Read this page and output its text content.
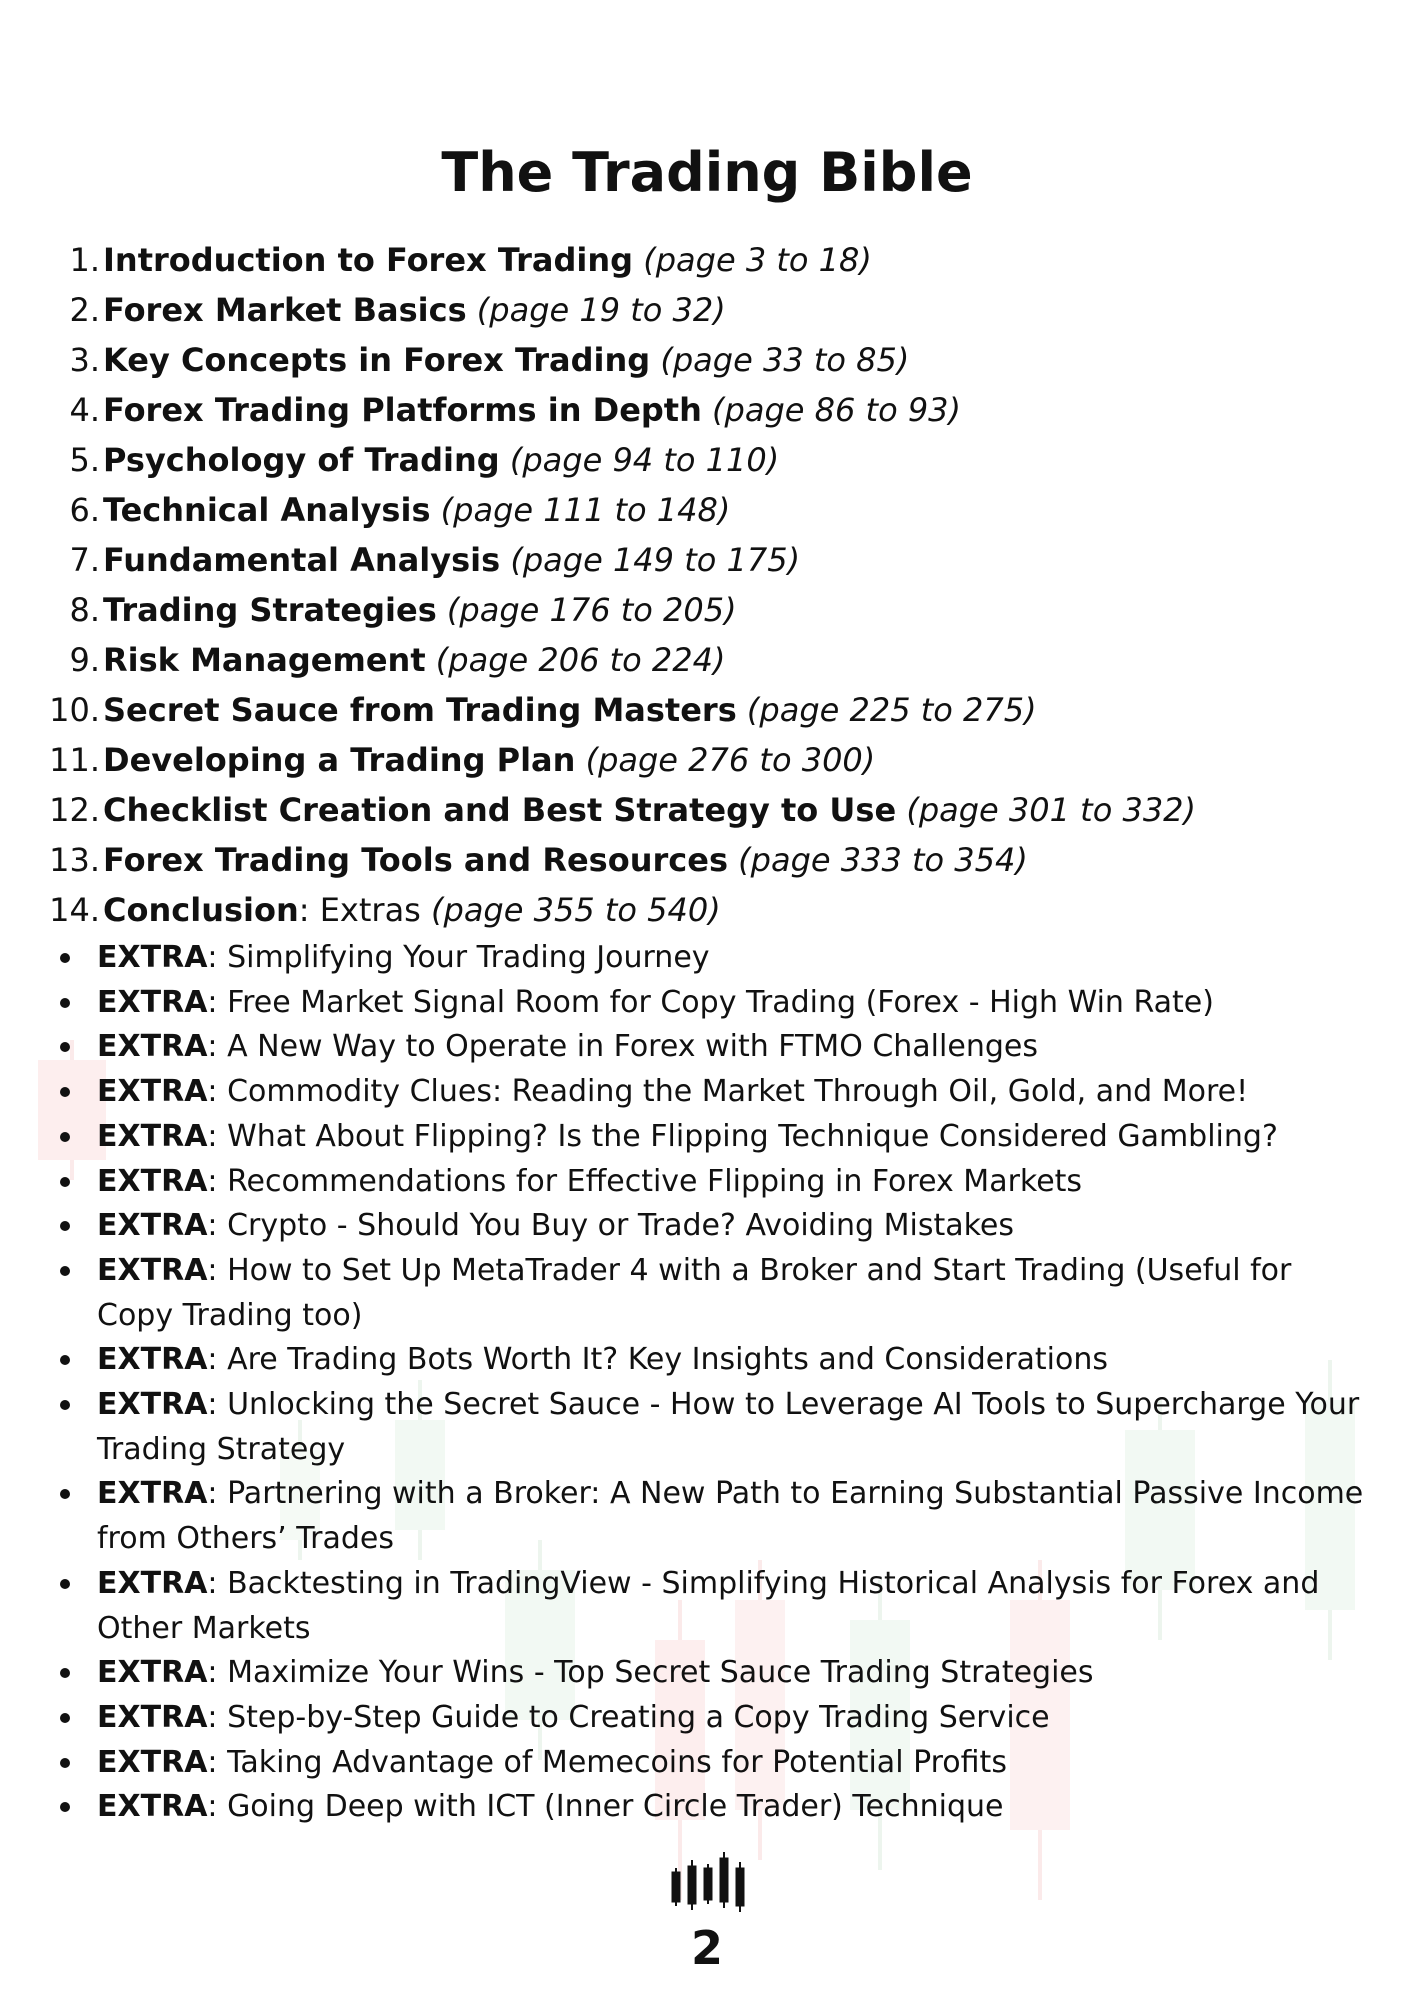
The Trading Bible
1. Introduction to Forex Trading (page 3 to 18)
2. Forex Market Basics (page 19 to 32)
3. Key Concepts in Forex Trading (page 33 to 85)
4. Forex Trading Platforms in Depth (page 86 to 93)
5. Psychology of Trading (page 94 to 110)
6. Technical Analysis (page 111 to 148)
7. Fundamental Analysis (page 149 to 175)
8. Trading Strategies (page 176 to 205)
9. Risk Management (page 206 to 224)
10. Secret Sauce from Trading Masters (page 225 to 275)
11. Developing a Trading Plan (page 276 to 300)
12. Checklist Creation and Best Strategy to Use (page 301 to 332)
13. Forex Trading Tools and Resources (page 333 to 354)
14. Conclusion: Extras (page 355 to 540)
EXTRA: Simplifying Your Trading Journey
EXTRA: Free Market Signal Room for Copy Trading (Forex - High Win Rate)
EXTRA: A New Way to Operate in Forex with FTMO Challenges
EXTRA: Commodity Clues: Reading the Market Through Oil, Gold, and More!
EXTRA: What About Flipping? Is the Flipping Technique Considered Gambling?
EXTRA: Recommendations for Effective Flipping in Forex Markets
EXTRA: Crypto - Should You Buy or Trade? Avoiding Mistakes
EXTRA: How to Set Up MetaTrader 4 with a Broker and Start Trading (Useful for Copy Trading too)
EXTRA: Are Trading Bots Worth It? Key Insights and Considerations
EXTRA: Unlocking the Secret Sauce - How to Leverage AI Tools to Supercharge Your Trading Strategy
EXTRA: Partnering with a Broker: A New Path to Earning Substantial Passive Income from Others’ Trades
EXTRA: Backtesting in TradingView - Simplifying Historical Analysis for Forex and Other Markets
EXTRA: Maximize Your Wins - Top Secret Sauce Trading Strategies
EXTRA: Step-by-Step Guide to Creating a Copy Trading Service
EXTRA: Taking Advantage of Memecoins for Potential Profits
EXTRA: Going Deep with ICT (Inner Circle Trader) Technique
2
